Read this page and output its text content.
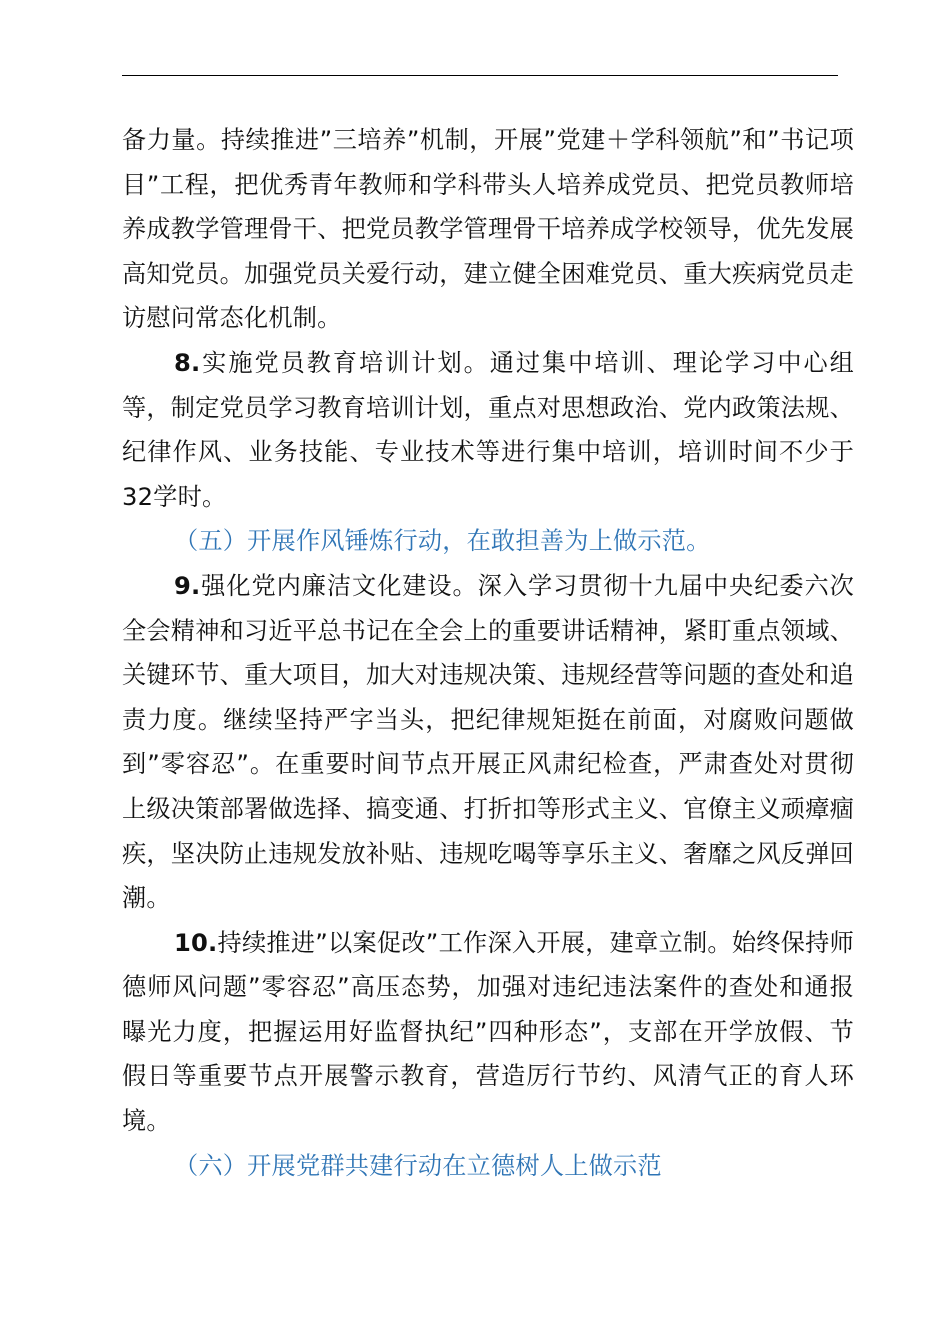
备力量。持续推进”三培养”机制，开展”党建＋学科领航”和”书记项目”工程，把优秀青年教师和学科带头人培养成党员、把党员教师培养成教学管理骨干、把党员教学管理骨干培养成学校领导，优先发展高知党员。加强党员关爱行动，建立健全困难党员、重大疾病党员走访慰问常态化机制。

8.实施党员教育培训计划。通过集中培训、理论学习中心组等，制定党员学习教育培训计划，重点对思想政治、党内政策法规、纪律作风、业务技能、专业技术等进行集中培训，培训时间不少于32学时。

（五）开展作风锤炼行动，在敢担善为上做示范。

9.强化党内廉洁文化建设。深入学习贯彻十九届中央纪委六次全会精神和习近平总书记在全会上的重要讲话精神，紧盯重点领域、关键环节、重大项目，加大对违规决策、违规经营等问题的查处和追责力度。继续坚持严字当头，把纪律规矩挺在前面，对腐败问题做到”零容忍”。在重要时间节点开展正风肃纪检查，严肃查处对贯彻上级决策部署做选择、搞变通、打折扣等形式主义、官僚主义顽瘴痼疾，坚决防止违规发放补贴、违规吃喝等享乐主义、奢靡之风反弹回潮。

10.持续推进”以案促改”工作深入开展，建章立制。始终保持师德师风问题”零容忍”高压态势，加强对违纪违法案件的查处和通报曝光力度，把握运用好监督执纪”四种形态”，支部在开学放假、节假日等重要节点开展警示教育，营造厉行节约、风清气正的育人环境。

（六）开展党群共建行动在立德树人上做示范
